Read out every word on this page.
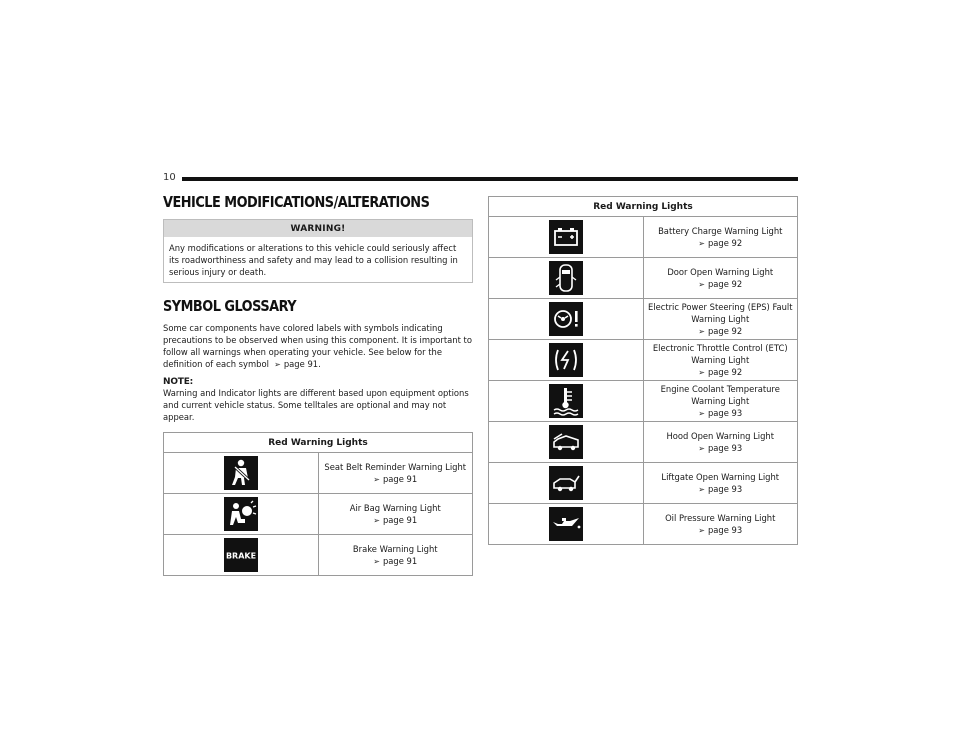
10
VEHICLE MODIFICATIONS/ALTERATIONS
WARNING!
Any modifications or alterations to this vehicle could seriously affect its roadworthiness and safety and may lead to a collision resulting in serious injury or death.
SYMBOL GLOSSARY
Some car components have colored labels with symbols indicating precautions to be observed when using this component. It is important to follow all warnings when operating your vehicle. See below for the definition of each symbol  ➢ page 91.
NOTE:
Warning and Indicator lights are different based upon equipment options and current vehicle status. Some telltales are optional and may not appear.
Red Warning Lights	

Seat Belt Reminder Warning Light
➢ page 91

Air Bag Warning Light
➢ page 91

BRAKE	Brake Warning Light
➢ page 91
Red Warning Lights	

Battery Charge Warning Light
➢ page 92

Door Open Warning Light
➢ page 92

Electric Power Steering (EPS) Fault Warning Light
➢ page 92

Electronic Throttle Control (ETC) Warning Light
➢ page 92

Engine Coolant Temperature Warning Light
➢ page 93

Hood Open Warning Light
➢ page 93

Liftgate Open Warning Light
➢ page 93

Oil Pressure Warning Light
➢ page 93
